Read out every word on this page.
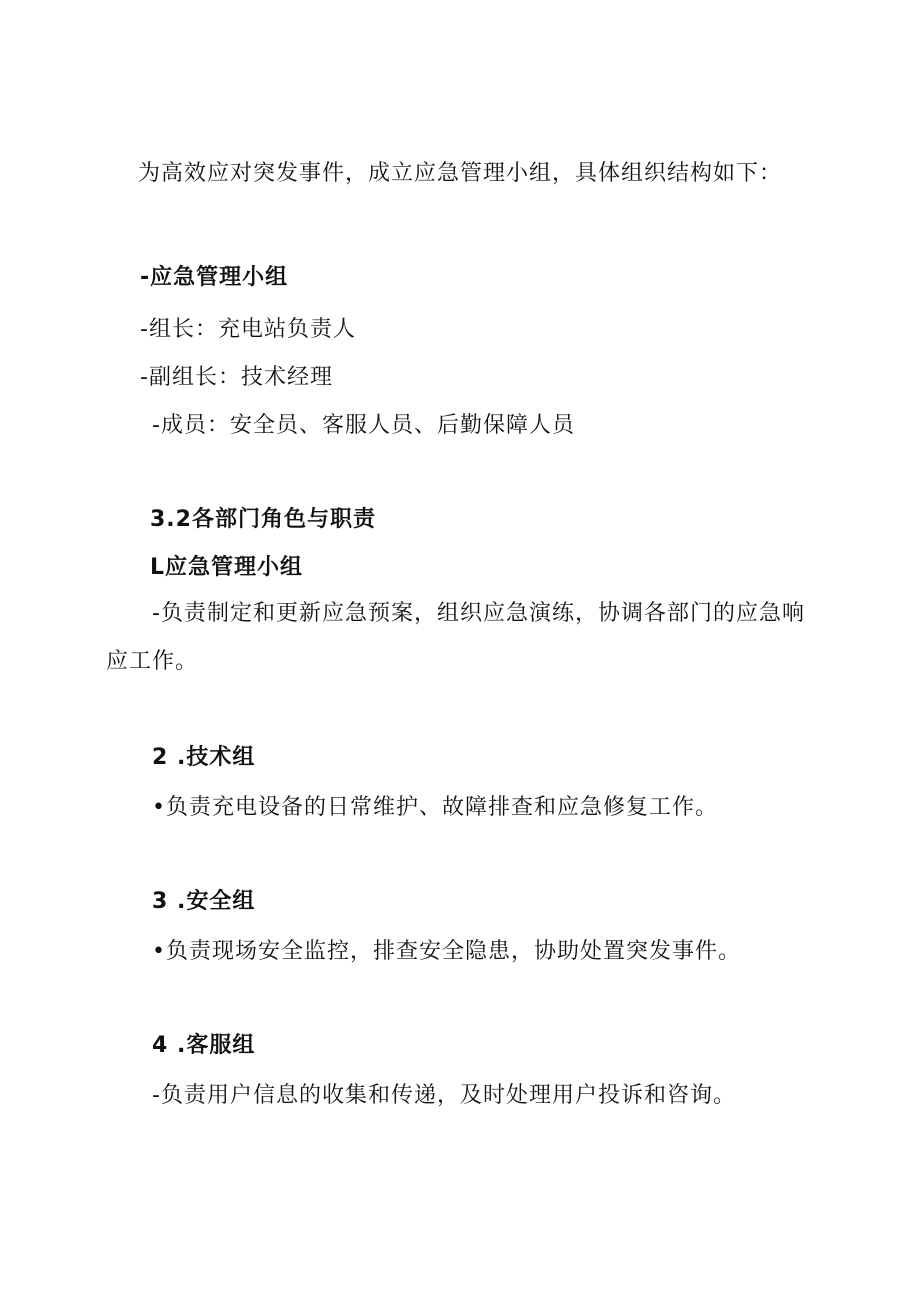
为高效应对突发事件，成立应急管理小组，具体组织结构如下：
-应急管理小组
-组长：充电站负责人
-副组长：技术经理
-成员：安全员、客服人员、后勤保障人员
3.2各部门角色与职责
L应急管理小组
-负责制定和更新应急预案，组织应急演练，协调各部门的应急响
应工作。
2 .技术组
•负责充电设备的日常维护、故障排查和应急修复工作。
3 .安全组
•负责现场安全监控，排查安全隐患，协助处置突发事件。
4 .客服组
-负责用户信息的收集和传递，及时处理用户投诉和咨询。
